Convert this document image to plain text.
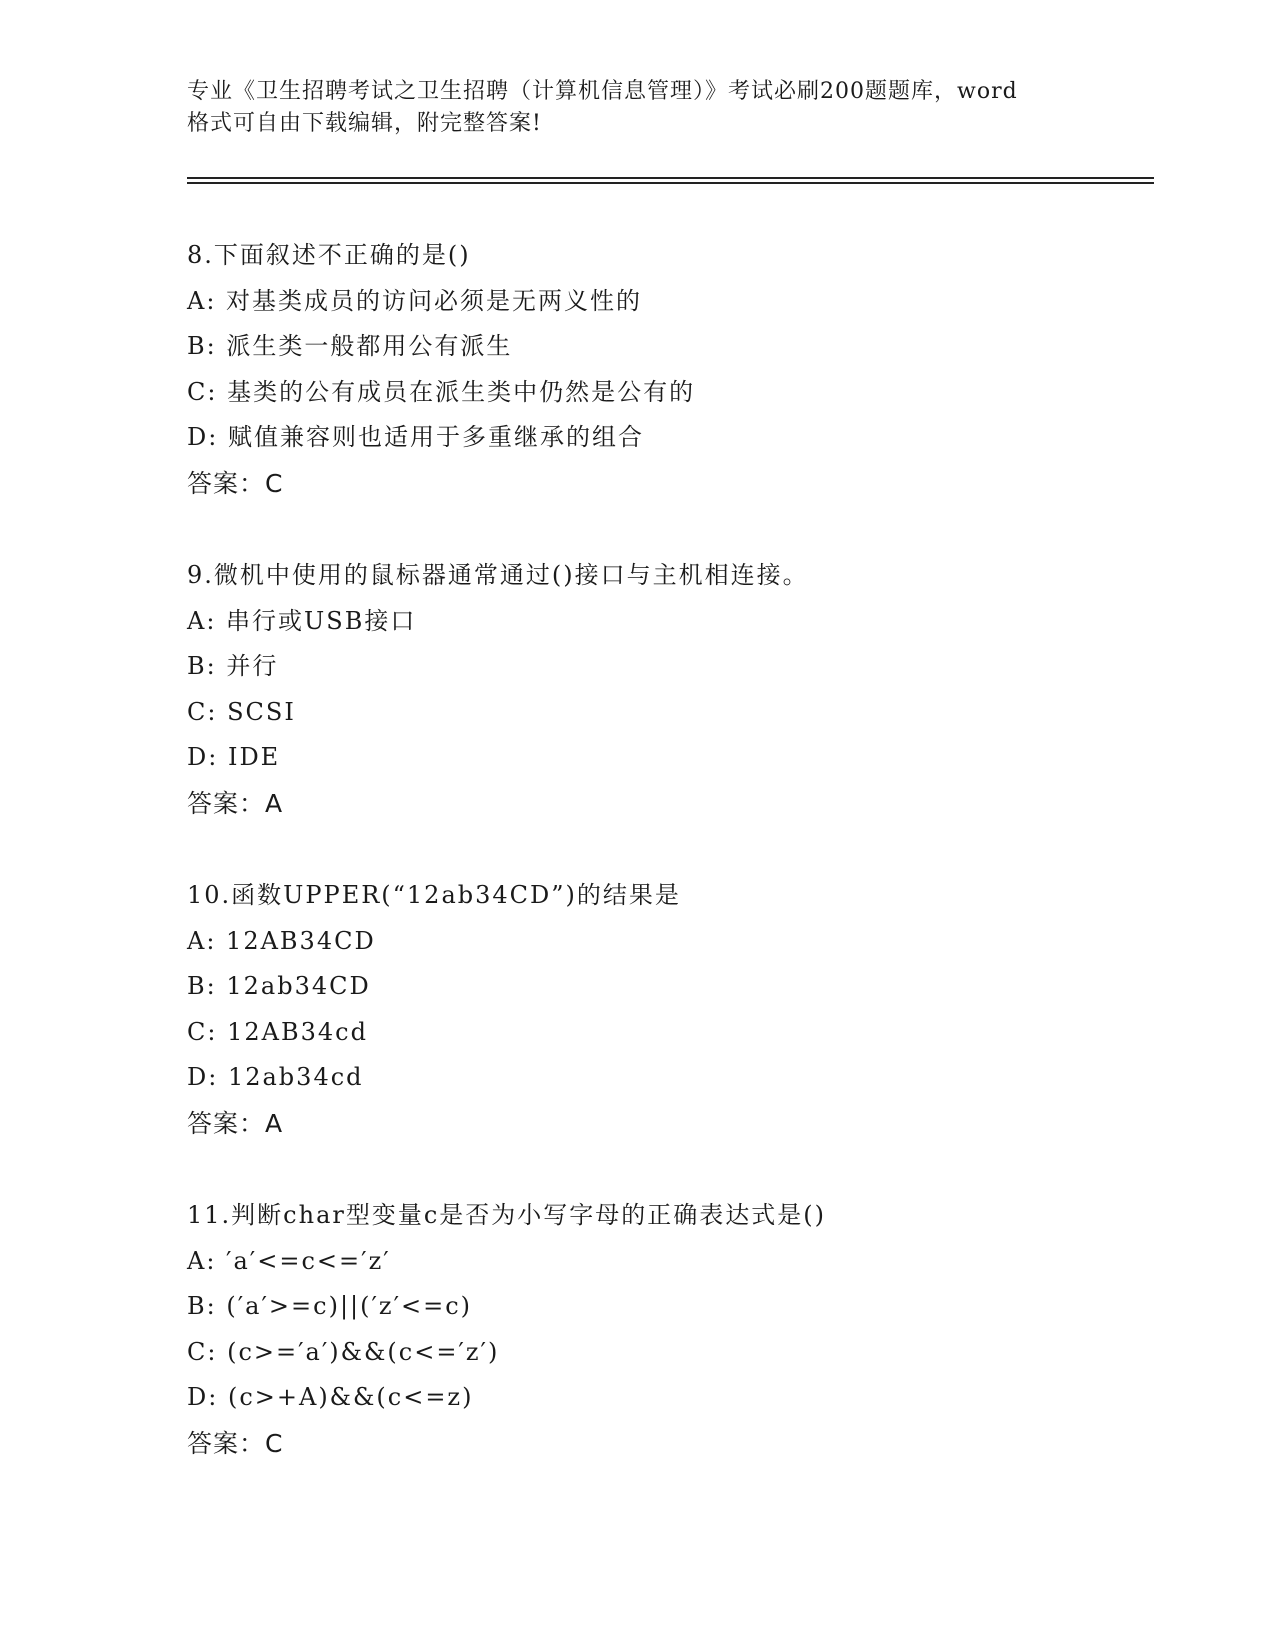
专业《卫生招聘考试之卫生招聘（计算机信息管理）》考试必刷200题题库，word
格式可自由下载编辑，附完整答案!
8.下面叙述不正确的是()
A: 对基类成员的访问必须是无两义性的
B: 派生类一般都用公有派生
C: 基类的公有成员在派生类中仍然是公有的
D: 赋值兼容则也适用于多重继承的组合
答案：C
9.微机中使用的鼠标器通常通过()接口与主机相连接。
A: 串行或USB接口
B: 并行
C: SCSI
D: IDE
答案：A
10.函数UPPER(“12ab34CD”)的结果是
A: 12AB34CD
B: 12ab34CD
C: 12AB34cd
D: 12ab34cd
答案：A
11.判断char型变量c是否为小写字母的正确表达式是()
A: ′a′<=c<=′z′
B: (′a′>=c)||(′z′<=c)
C: (c>=′a′)&&(c<=′z′)
D: (c>+A)&&(c<=z)
答案：C
